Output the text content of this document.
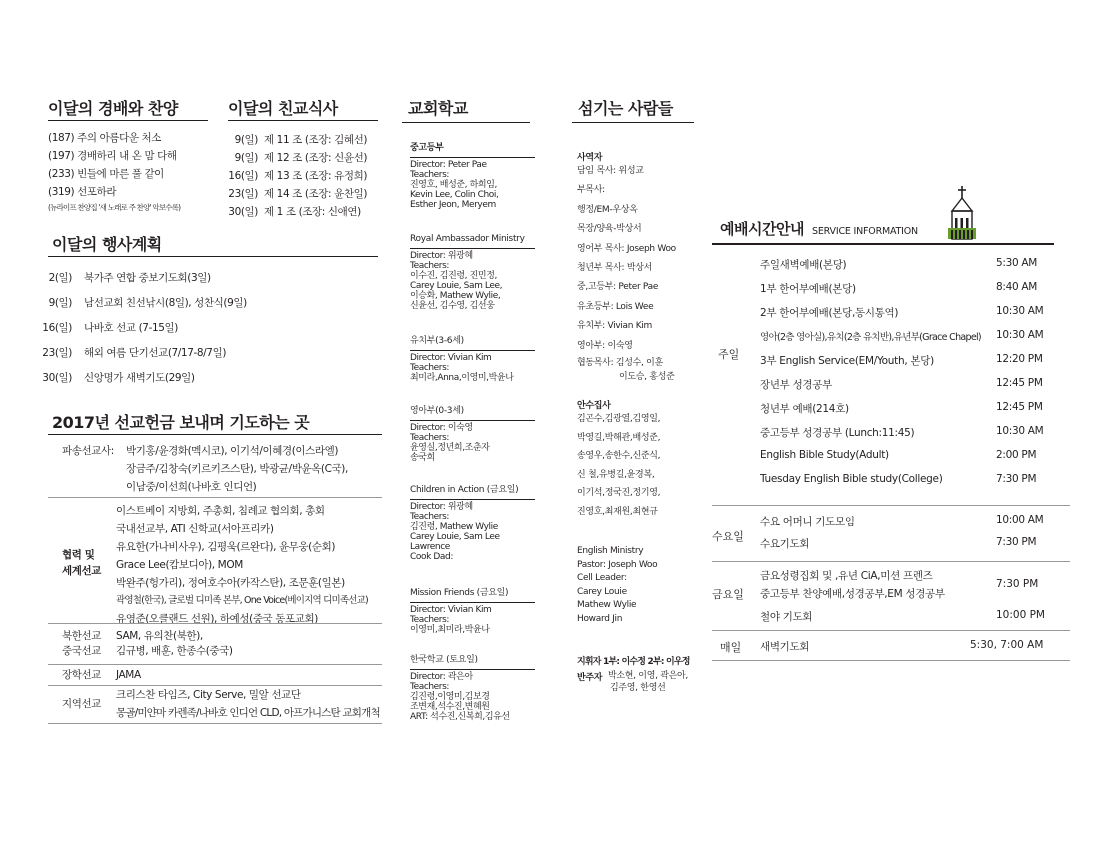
이달의 경배와 찬양
(187) 주의 아름다운 처소
(197) 경배하리 내 온 맘 다해
(233) 빈들에 마른 풀 같이
(319) 선포하라
(뉴라이프 찬양집 '새 노래로 주 찬양' 악보수록)
이달의 친교식사
9(일) 제 11 조 (조장: 김혜선)
9(일) 제 12 조 (조장: 신윤선)
16(일) 제 13 조 (조장: 유정희)
23(일) 제 14 조 (조장: 윤찬일)
30(일) 제 1 조 (조장: 신애연)
이달의 행사계획
2(일) 북가주 연합 중보기도회(3일)
9(일) 남선교회 친선낚시(8일), 성찬식(9일)
16(일) 나바호 선교 (7-15일)
23(일) 해외 여름 단기선교(7/17-8/7일)
30(일) 신앙명가 새벽기도(29일)
2017년 선교헌금 보내며 기도하는 곳
파송선교사: 박기홍/윤경화(멕시코), 이기석/이혜경(이스라엘)
장금주/김창숙(키르키즈스탄), 박광균/박윤옥(C국),
이남중/이선희(나바호 인디언)
협력 및
세계선교
이스트베이 지방회, 주총회, 침례교 협의회, 총회
국내선교부, ATI 신학교(서아프리카)
유요한(가나비사우), 김평욱(르완다), 윤무웅(순회)
Grace Lee(캄보디아), MOM
박완주(헝가리), 정여호수아(카작스탄), 조문훈(일본)
곽영철(한국), 글로벌 디미족 본부, One Voice(베이지역 디미족선교)
유영준(오클랜드 선원), 하예성(중국 동포교회)
북한선교 SAM, 유의찬(북한),
중국선교 김규병, 배훈, 한종수(중국)
장학선교 JAMA
지역선교
크리스찬 타임즈, City Serve, 밀알 선교단
몽골/미얀마 카렌족/나바호 인디언 CLD, 아프가니스탄 교회개척
교회학교
중고등부
Director: Peter Pae
Teachers:
진영호, 배성준, 하희임,
Kevin Lee, Colin Choi,
Esther Jeon, Meryem
Royal Ambassador Ministry
Director: 위광혜
Teachers:
이수진, 김진령, 진민정,
Carey Louie, Sam Lee,
이승화, Mathew Wylie,
신윤선, 김수영, 김선웅
유치부(3-6세)
Director: Vivian Kim
Teachers:
최미라,Anna,이영미,박윤나
영아부(0-3세)
Director: 이숙영
Teachers:
윤영실,정년희,조춘자
송국희
Children in Action (금요일)
Director: 위광혜
Teachers:
김진령, Mathew Wylie
Carey Louie, Sam Lee
Lawrence
Cook Dad:
Mission Friends (금요일)
Director: Vivian Kim
Teachers:
이영미,최미라,박윤나
한국학교 (토요일)
Director: 곽은아
Teachers:
김진령,이영미,김보경
조변재,석수진,변혜원
ART: 석수진,신복희,김유선
섬기는 사람들
사역자
담임 목사: 위성교
부목사:
행정/EM-우상옥
목장/양육-박상서
영어부 목사: Joseph Woo
청년부 목사: 박상서
중,고등부: Peter Pae
유초등부: Lois Wee
유치부: Vivian Kim
영아부: 이숙영
협동목사: 김성수, 이훈
이도승, 홍성준
안수집사
김곤수,김광열,김영일,
박영길,박해관,배성준,
송영우,송한수,신준식,
신 철,유병길,윤경복,
이기석,정국진,정기영,
진영호,최재원,최현규
English Ministry
Pastor: Joseph Woo
Cell Leader:
Carey Louie
Mathew Wylie
Howard Jin
지휘자 1부: 이수정 2부: 이우정
반주자 박소현, 이영, 곽은아,
김주영, 한영선
예배시간안내 SERVICE INFORMATION
주일
주일새벽예배(본당)	5:30 AM
1부 한어부예배(본당)	8:40 AM
2부 한어부예배(본당,동시통역)	10:30 AM
영아(2층 영아실),유치(2층 유치반),유년부(Grace Chapel) 10:30 AM
3부 English Service(EM/Youth, 본당)	12:20 PM
장년부 성경공부	12:45 PM
청년부 예배(214호)	12:45 PM
중고등부 성경공부 (Lunch:11:45)	10:30 AM
English Bible Study(Adult)	2:00 PM
Tuesday English Bible study(College)	7:30 PM
수요일
수요 어머니 기도모임	10:00 AM
수요기도회	7:30 PM
금요일
금요성령집회 및 ,유년 CiA,미션 프렌즈
중고등부 찬양예배,성경공부,EM 성경공부
7:30 PM
철야 기도회	10:00 PM
매일 새벽기도회	5:30, 7:00 AM
